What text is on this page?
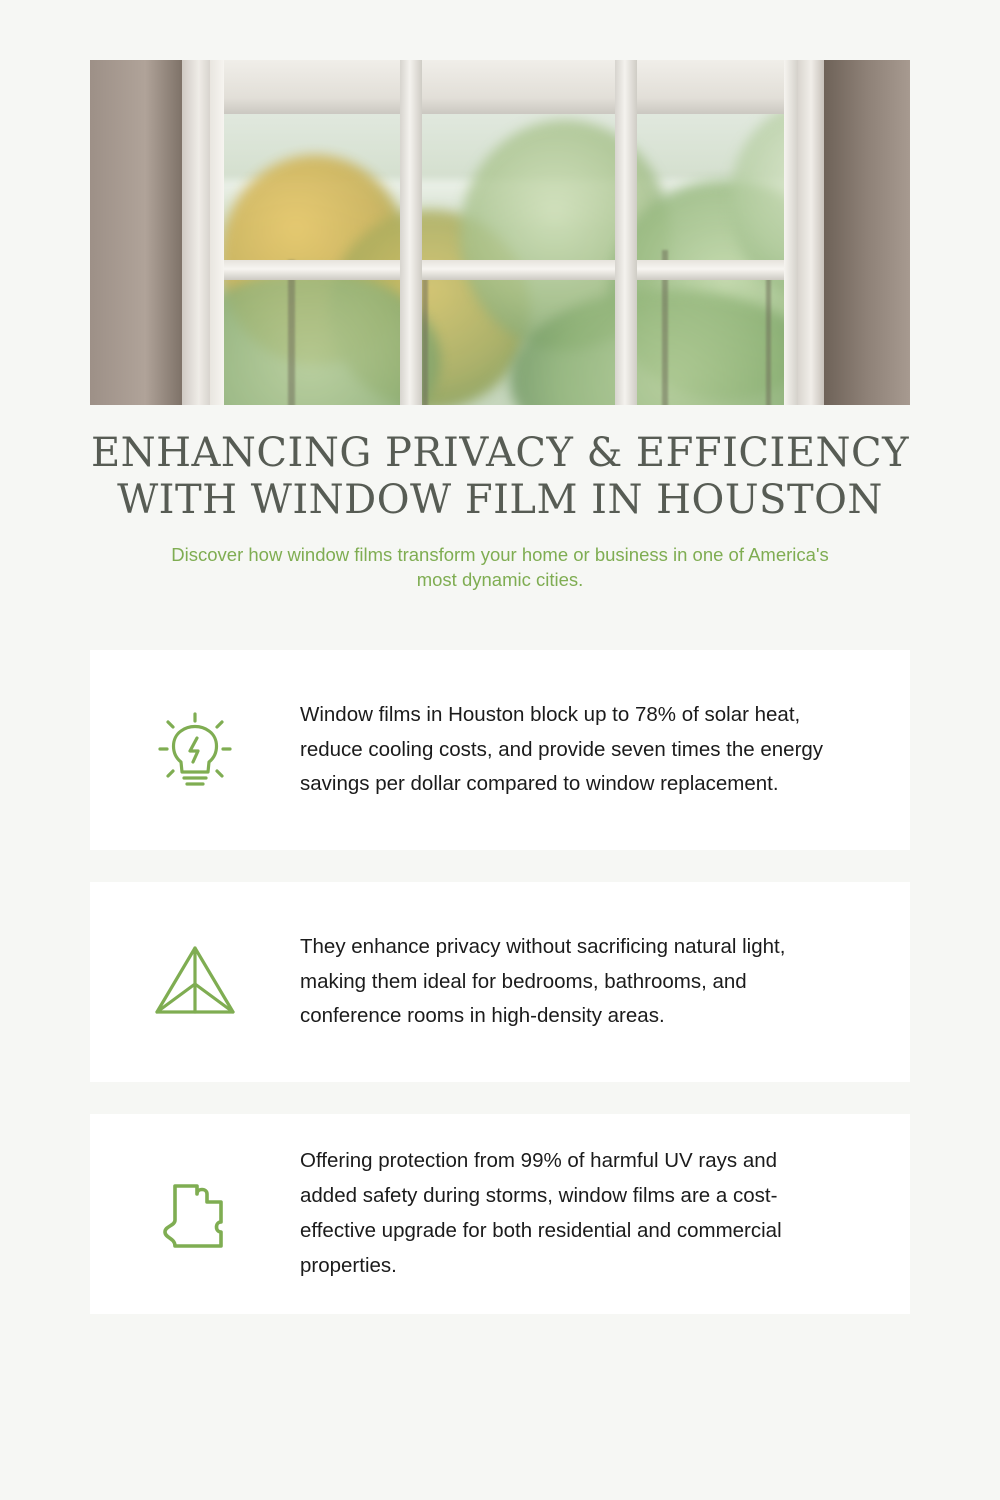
ENHANCING PRIVACY & EFFICIENCY WITH WINDOW FILM IN HOUSTON
Discover how window films transform your home or business in one of America's most dynamic cities.
Window films in Houston block up to 78% of solar heat, reduce cooling costs, and provide seven times the energy savings per dollar compared to window replacement.
They enhance privacy without sacrificing natural light, making them ideal for bedrooms, bathrooms, and conference rooms in high-density areas.
Offering protection from 99% of harmful UV rays and added safety during storms, window films are a cost-effective upgrade for both residential and commercial properties.
